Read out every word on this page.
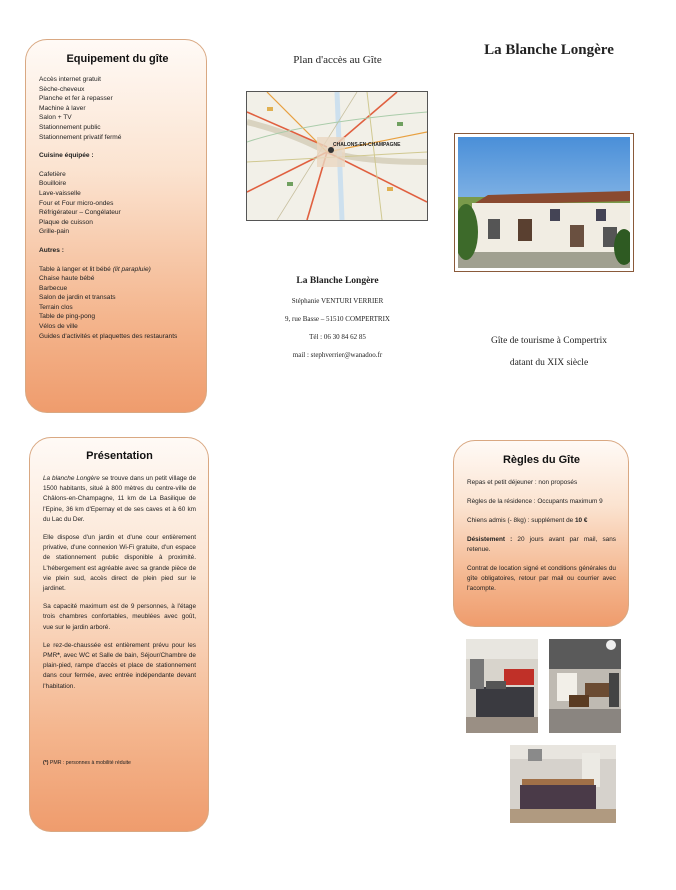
Equipement du gîte
Accès internet gratuit
Sèche-cheveux
Planche et fer à repasser
Machine à laver
Salon + TV
Stationnement public
Stationnement privatif fermé
Cuisine équipée :
Cafetière
Bouilloire
Lave-vaisselle
Four et Four micro-ondes
Réfrigérateur – Congélateur
Plaque de cuisson
Grille-pain
Autres :
Table à langer et lit bébé (lit parapluie)
Chaise haute bébé
Barbecue
Salon de jardin et transats
Terrain clos
Table de ping-pong
Vélos de ville
Guides d'activités et plaquettes des restaurants
Plan d'accès au Gîte
CHALONS-EN-CHAMPAGNE
La Blanche Longère
Stéphanie VENTURI VERRIER
9, rue Basse – 51510 COMPERTRIX
Tél : 06 30 84 62 85
mail : stephverrier@wanadoo.fr
La Blanche Longère
Gîte de tourisme à Compertrix
datant du XIX siècle
Présentation

La blanche Longère se trouve dans un petit village de 1500 habitants, situé à 800 mètres du centre-ville de Châlons-en-Champagne, 11 km de La Basilique de l'Epine, 36 km d'Epernay et de ses caves et à 60 km du Lac du Der.

Elle dispose d'un jardin et d'une cour entièrement privative, d'une connexion Wi-Fi gratuite, d'un espace de stationnement public disponible à proximité. L'hébergement est agréable avec sa grande pièce de vie plein sud, accès direct de plein pied sur le jardinet.

Sa capacité maximum est de 9 personnes, à l'étage trois chambres confortables, meublées avec goût, vue sur le jardin arboré.

Le rez-de-chaussée est entièrement prévu pour les PMR*, avec WC et Salle de bain, Séjour/Chambre de plain-pied, rampe d'accès et place de stationnement dans cour fermée, avec entrée indépendante devant l'habitation.

(*) PMR : personnes à mobilité réduite
Règles du Gîte

Repas et petit déjeuner : non proposés

Règles de la résidence : Occupants maximum 9

Chiens admis (- 8kg) : supplément de 10 €

Désistement : 20 jours avant par mail, sans retenue.

Contrat de location signé et conditions générales du gîte obligatoires, retour par mail ou courrier avec l'acompte.
